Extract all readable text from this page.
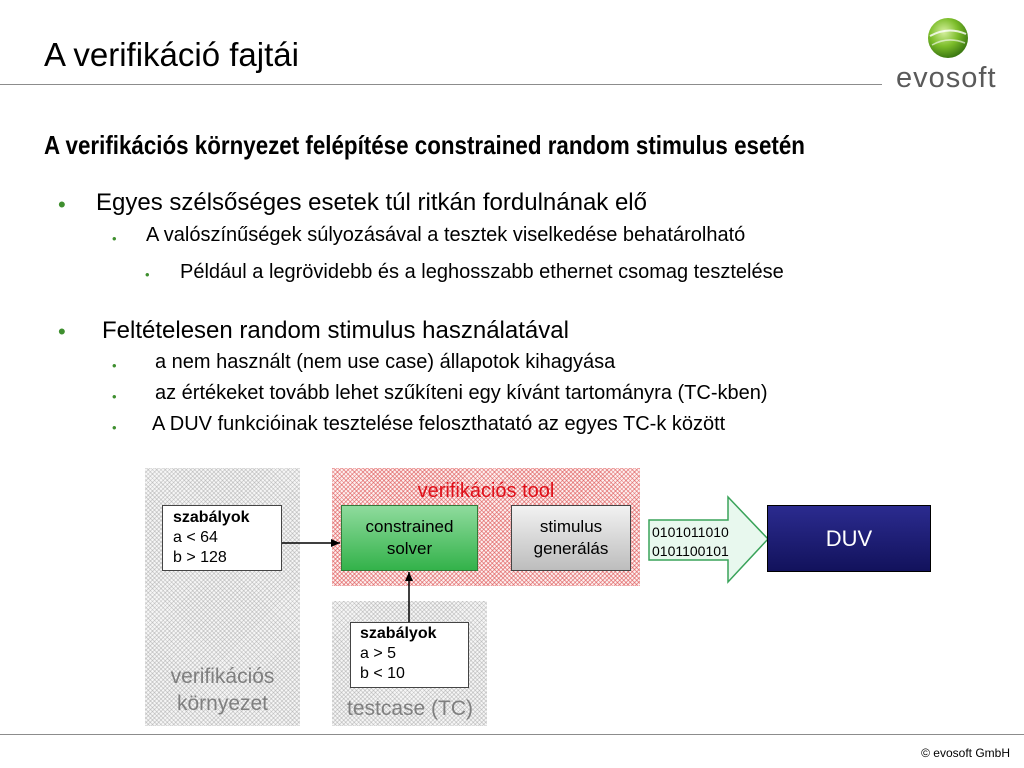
A verifikáció fajtái
evosoft
A verifikációs környezet felépítése constrained random stimulus esetén
• Egyes szélsőséges esetek túl ritkán fordulnának elő
• A valószínűségek súlyozásával a tesztek viselkedése behatárolható
• Például a legrövidebb és a leghosszabb ethernet csomag tesztelése
• Feltételesen random stimulus használatával
• a nem használt (nem use case) állapotok kihagyása
• az értékeket tovább lehet szűkíteni egy kívánt tartományra (TC-kben)
• A DUV funkcióinak tesztelése feloszthatató az egyes TC-k között
verifikációs
környezet
verifikációs tool
testcase (TC)
szabályok
a < 64
b > 128
szabályok
a > 5
b < 10
constrained
solver
stimulus
generálás
0101011010
0101100101	DUV
© evosoft GmbH
